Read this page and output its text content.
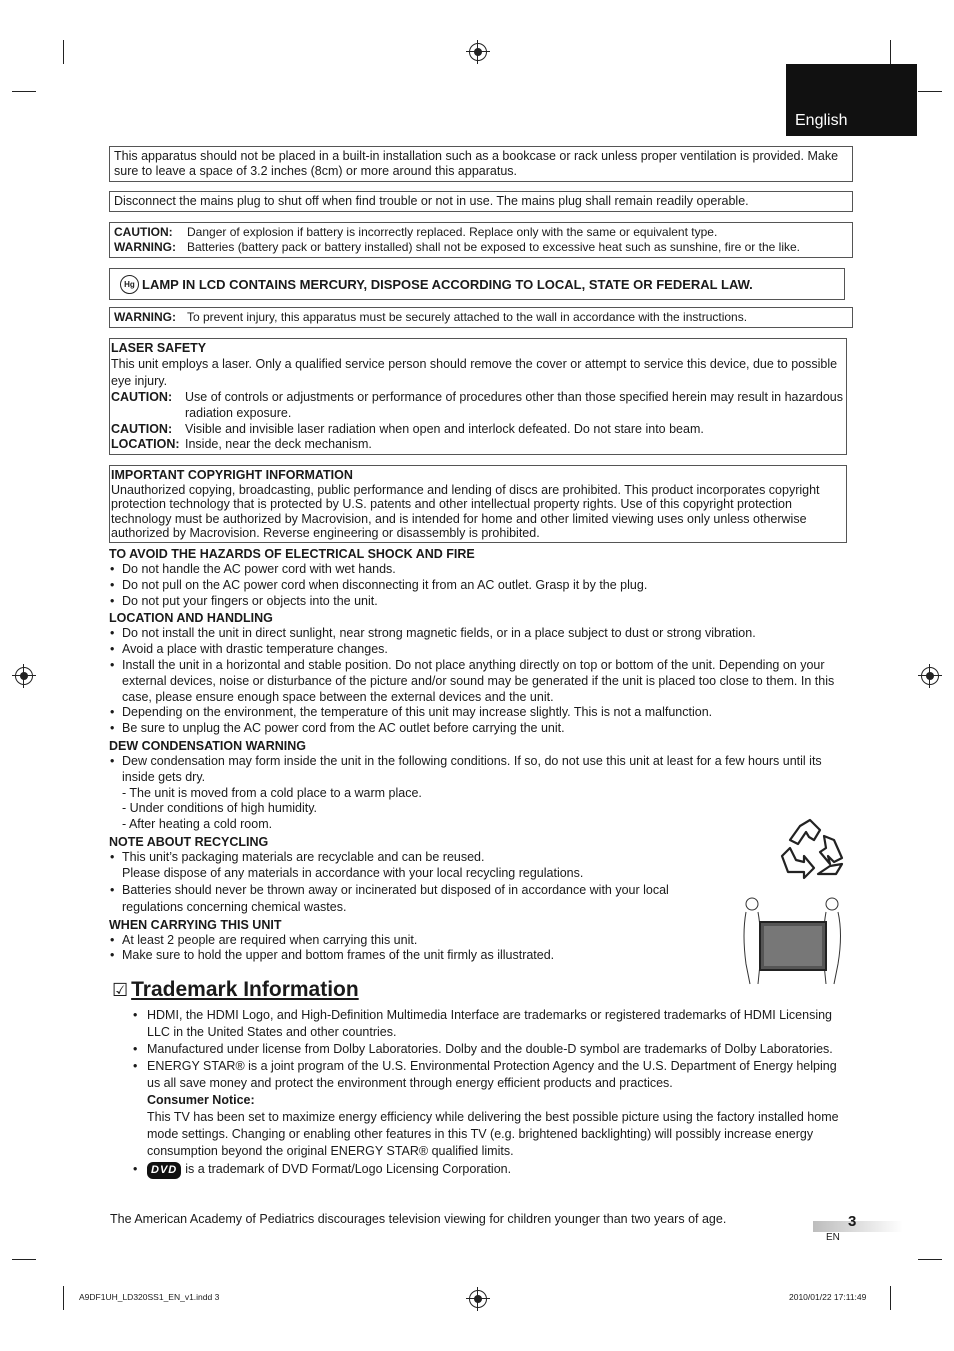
English

This apparatus should not be placed in a built-in installation such as a bookcase or rack unless proper ventilation is provided. Make sure to leave a space of 3.2 inches (8cm) or more around this apparatus.

Disconnect the mains plug to shut off when find trouble or not in use. The mains plug shall remain readily operable.

CAUTION:	Danger of explosion if battery is incorrectly replaced. Replace only with the same or equivalent type.
WARNING: Batteries (battery pack or battery installed) shall not be exposed to excessive heat such as sunshine, fire or the like.
Hg LAMP IN LCD CONTAINS MERCURY, DISPOSE ACCORDING TO LOCAL, STATE OR FEDERAL LAW.
WARNING: To prevent injury, this apparatus must be securely attached to the wall in accordance with the instructions.
LASER SAFETY

This unit employs a laser. Only a qualified service person should remove the cover or attempt to service this device, due to possible eye injury.

CAUTION:	Use of controls or adjustments or performance of procedures other than those specified herein may result in hazardous radiation exposure.
CAUTION:	Visible and invisible laser radiation when open and interlock defeated. Do not stare into beam.
LOCATION: Inside, near the deck mechanism.
IMPORTANT COPYRIGHT INFORMATION

Unauthorized copying, broadcasting, public performance and lending of discs are prohibited. This product incorporates copyright protection technology that is protected by U.S. patents and other intellectual property rights. Use of this copyright protection technology must be authorized by Macrovision, and is intended for home and other limited viewing uses only unless otherwise authorized by Macrovision. Reverse engineering or disassembly is prohibited.

TO AVOID THE HAZARDS OF ELECTRICAL SHOCK AND FIRE
• Do not handle the AC power cord with wet hands.
• Do not pull on the AC power cord when disconnecting it from an AC outlet. Grasp it by the plug.
• Do not put your fingers or objects into the unit.
LOCATION AND HANDLING
• Do not install the unit in direct sunlight, near strong magnetic fields, or in a place subject to dust or strong vibration.
• Avoid a place with drastic temperature changes.
• Install the unit in a horizontal and stable position. Do not place anything directly on top or bottom of the unit. Depending on your external devices, noise or disturbance of the picture and/or sound may be generated if the unit is placed too close to them. In this case, please ensure enough space between the external devices and the unit.
• Depending on the environment, the temperature of this unit may increase slightly. This is not a malfunction.
• Be sure to unplug the AC power cord from the AC outlet before carrying the unit.
DEW CONDENSATION WARNING
• Dew condensation may form inside the unit in the following conditions. If so, do not use this unit at least for a few hours until its inside gets dry.
- The unit is moved from a cold place to a warm place.
- Under conditions of high humidity.
- After heating a cold room.
NOTE ABOUT RECYCLING
• This unit’s packaging materials are recyclable and can be reused.
Please dispose of any materials in accordance with your local recycling regulations.
• Batteries should never be thrown away or incinerated but disposed of in accordance with your local regulations concerning chemical wastes.
WHEN CARRYING THIS UNIT
• At least 2 people are required when carrying this unit.
• Make sure to hold the upper and bottom frames of the unit firmly as illustrated.
☑ Trademark Information
• HDMI, the HDMI Logo, and High-Definition Multimedia Interface are trademarks or registered trademarks of HDMI Licensing LLC in the United States and other countries.
• Manufactured under license from Dolby Laboratories. Dolby and the double-D symbol are trademarks of Dolby Laboratories.
• ENERGY STAR® is a joint program of the U.S. Environmental Protection Agency and the U.S. Department of Energy helping us all save money and protect the environment through energy efficient products and practices.
Consumer Notice:
This TV has been set to maximize energy efficiency while delivering the best possible picture using the factory installed home mode settings. Changing or enabling other features in this TV (e.g. brightened backlighting) will possibly increase energy consumption beyond the original ENERGY STAR® qualified limits.
• DVD is a trademark of DVD Format/Logo Licensing Corporation.
The American Academy of Pediatrics discourages television viewing for children younger than two years of age.	3
EN
A9DF1UH_LD320SS1_EN_v1.indd 3	2010/01/22 17:11:49
